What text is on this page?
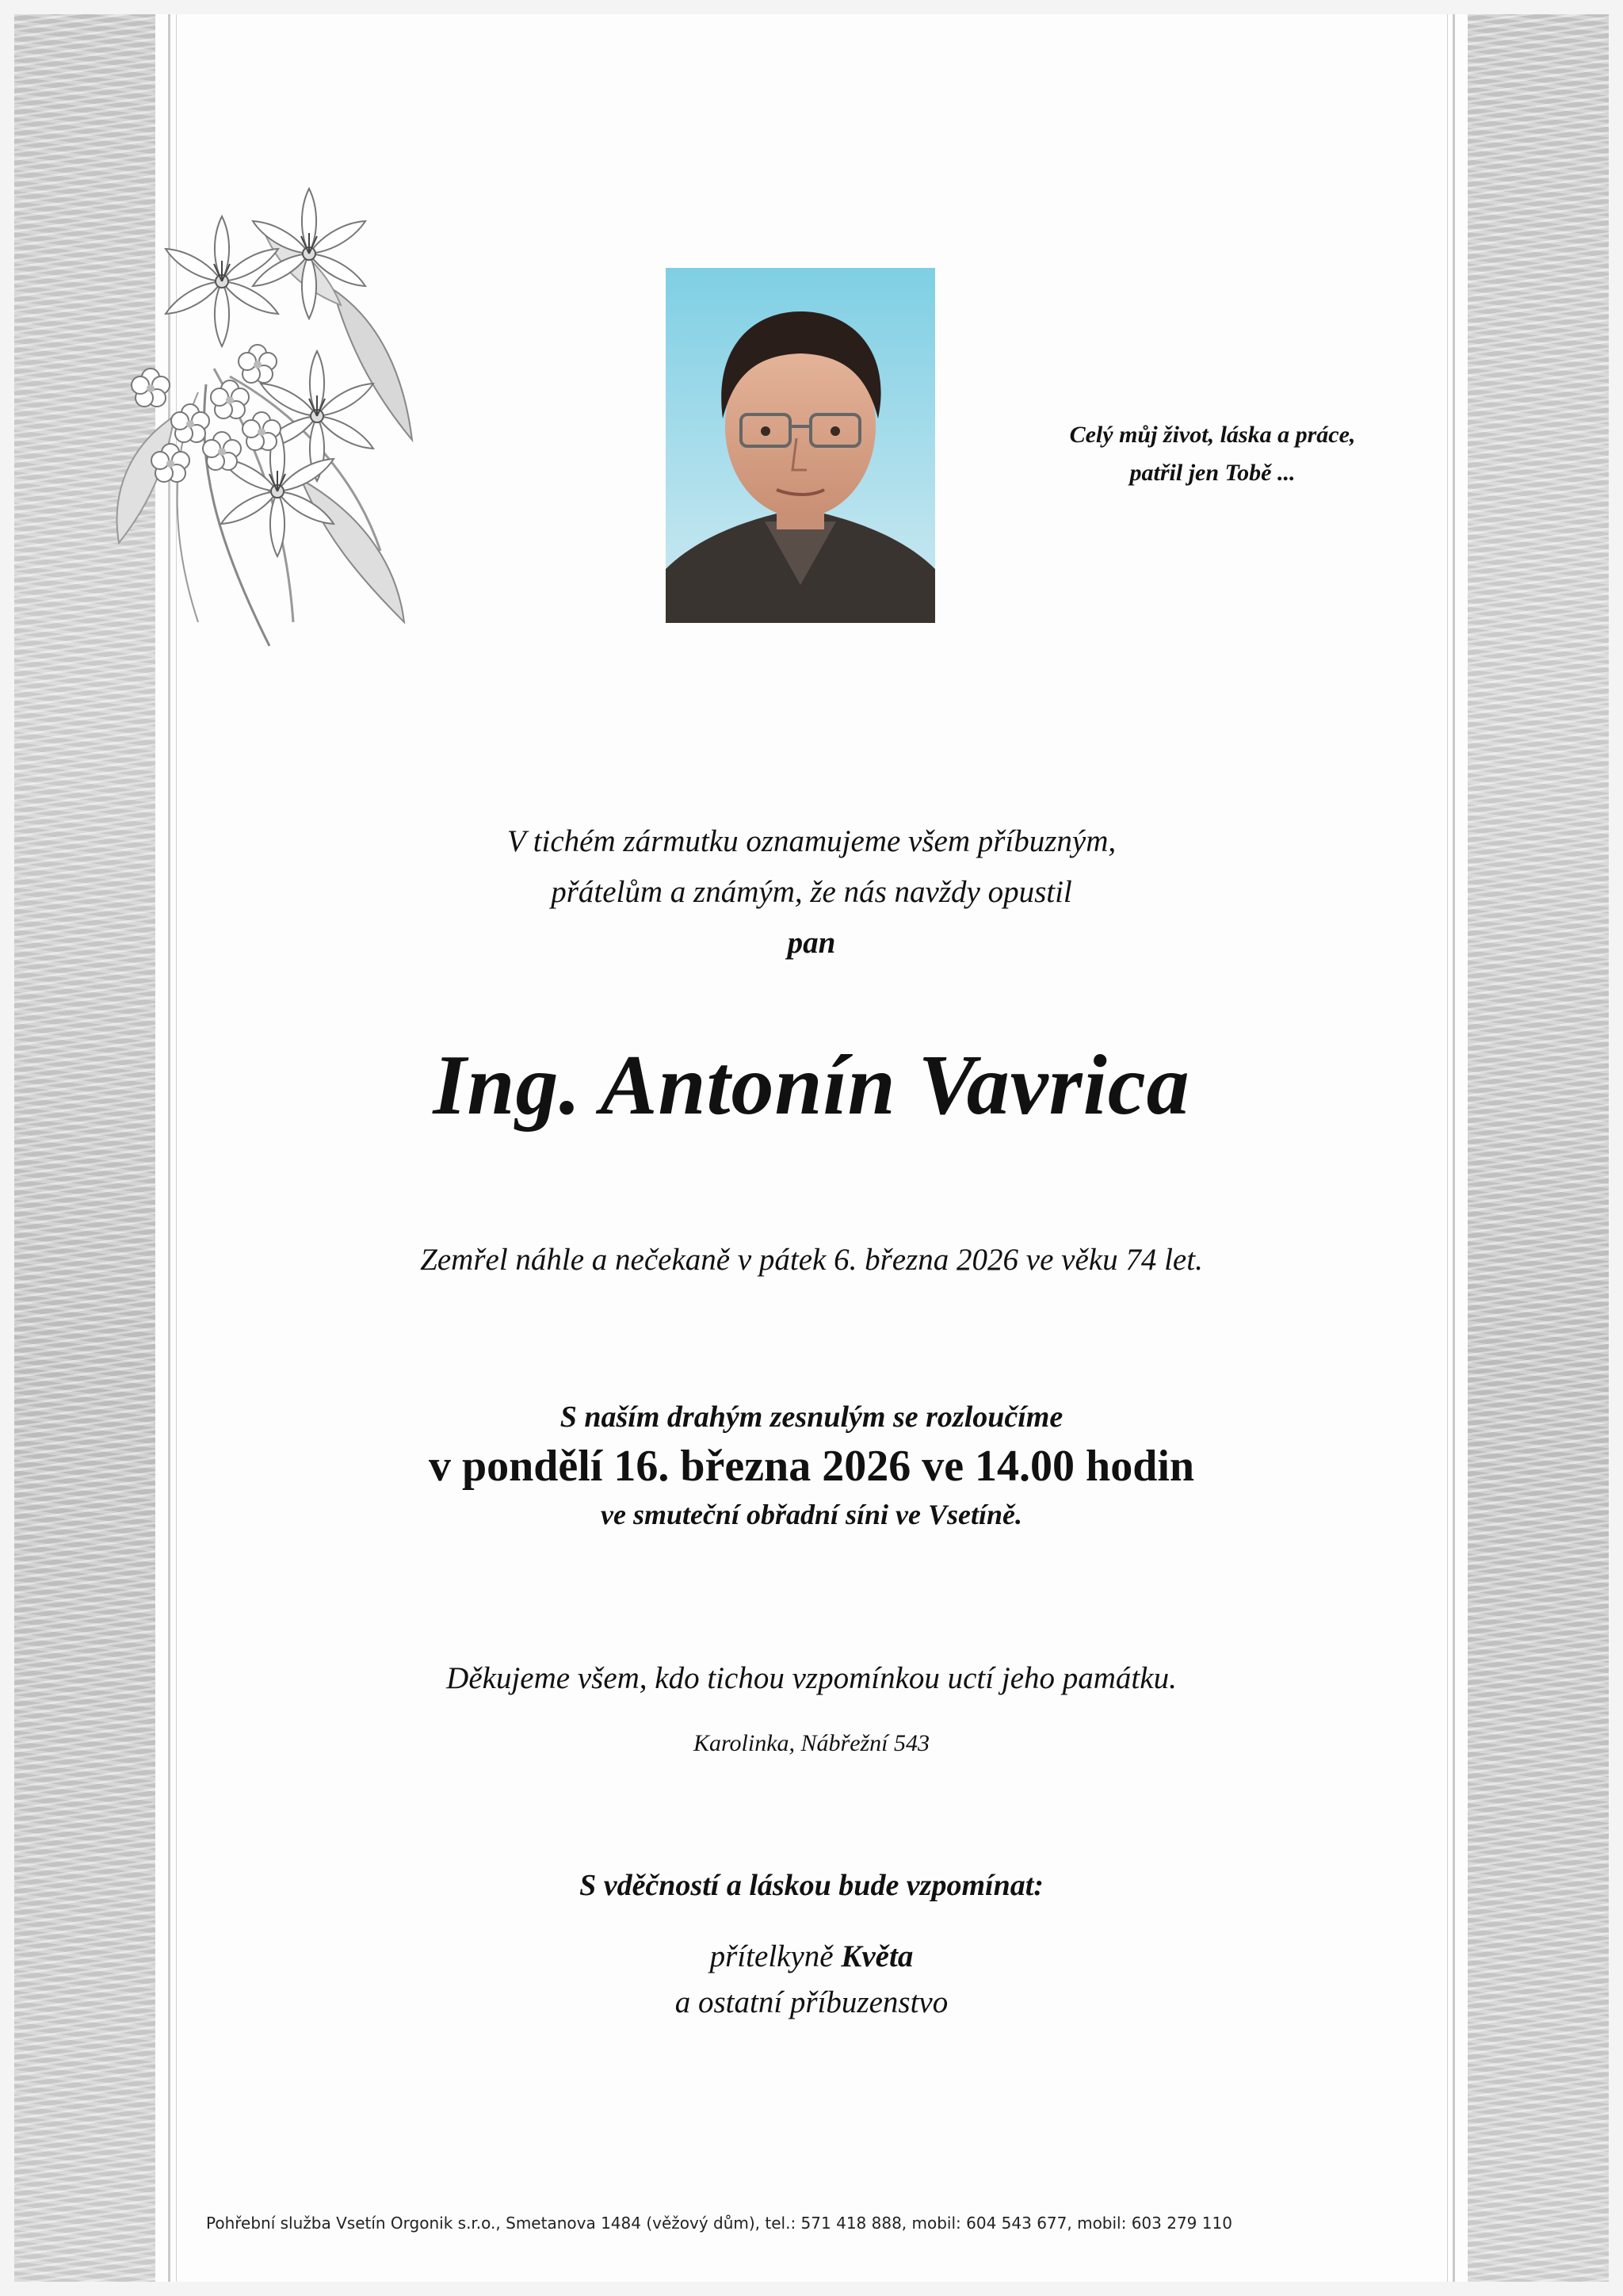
Celý můj život, láska a práce,
patřil jen Tobě ...
V tichém zármutku oznamujeme všem příbuzným,
přátelům a známým, že nás navždy opustil
pan
Ing. Antonín Vavrica
Zemřel náhle a nečekaně v pátek 6. března 2026 ve věku 74 let.
S naším drahým zesnulým se rozloučíme
v pondělí 16. března 2026 ve 14.00 hodin
ve smuteční obřadní síni ve Vsetíně.
Děkujeme všem, kdo tichou vzpomínkou uctí jeho památku.
Karolinka, Nábřežní 543
S vděčností a láskou bude vzpomínat:
přítelkyně Květa
a ostatní příbuzenstvo
Pohřební služba Vsetín Orgonik s.r.o., Smetanova 1484 (věžový dům), tel.: 571 418 888, mobil: 604 543 677, mobil: 603 279 110
